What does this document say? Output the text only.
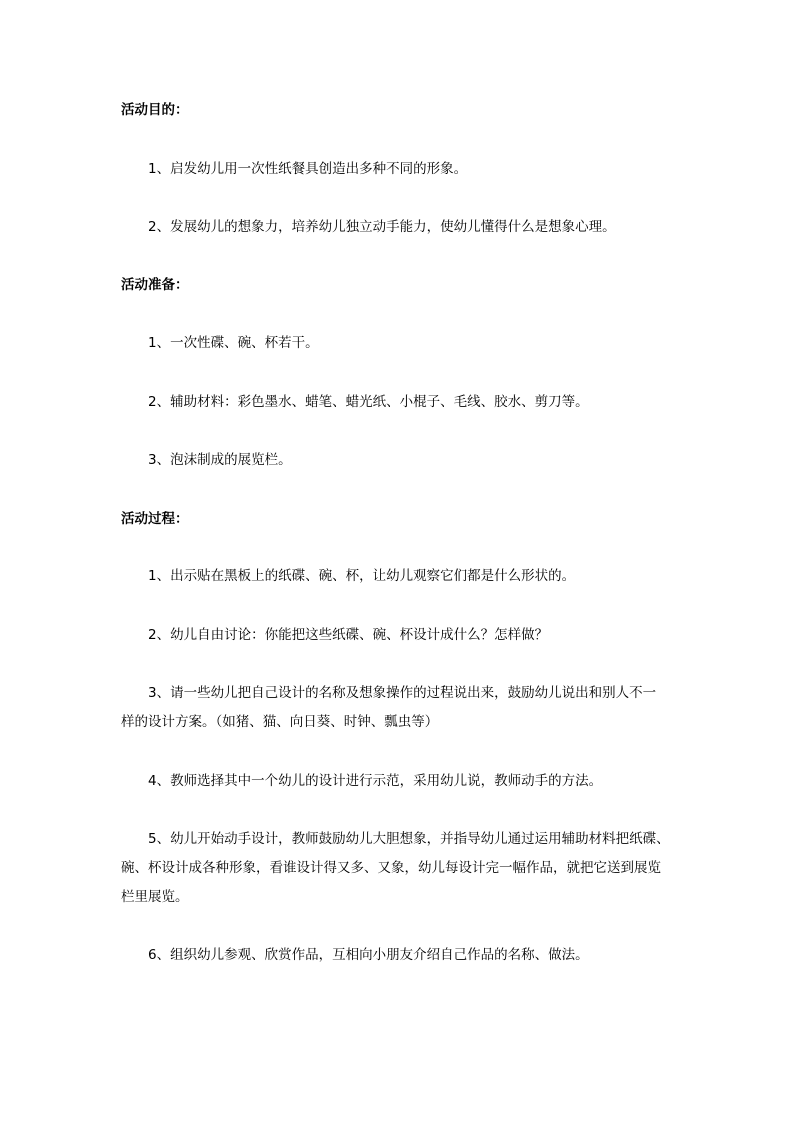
活动目的：

1、启发幼儿用一次性纸餐具创造出多种不同的形象。

2、发展幼儿的想象力，培养幼儿独立动手能力，使幼儿懂得什么是想象心理。

活动准备：

1、一次性碟、碗、杯若干。

2、辅助材料：彩色墨水、蜡笔、蜡光纸、小棍子、毛线、胶水、剪刀等。

3、泡沫制成的展览栏。

活动过程：

1、出示贴在黑板上的纸碟、碗、杯，让幼儿观察它们都是什么形状的。

2、幼儿自由讨论：你能把这些纸碟、碗、杯设计成什么？怎样做？

3、请一些幼儿把自己设计的名称及想象操作的过程说出来，鼓励幼儿说出和别人不一

样的设计方案。（如猪、猫、向日葵、时钟、瓢虫等）

4、教师选择其中一个幼儿的设计进行示范，采用幼儿说，教师动手的方法。

5、幼儿开始动手设计，教师鼓励幼儿大胆想象，并指导幼儿通过运用辅助材料把纸碟、

碗、杯设计成各种形象，看谁设计得又多、又象，幼儿每设计完一幅作品，就把它送到展览

栏里展览。

6、组织幼儿参观、欣赏作品，互相向小朋友介绍自己作品的名称、做法。
